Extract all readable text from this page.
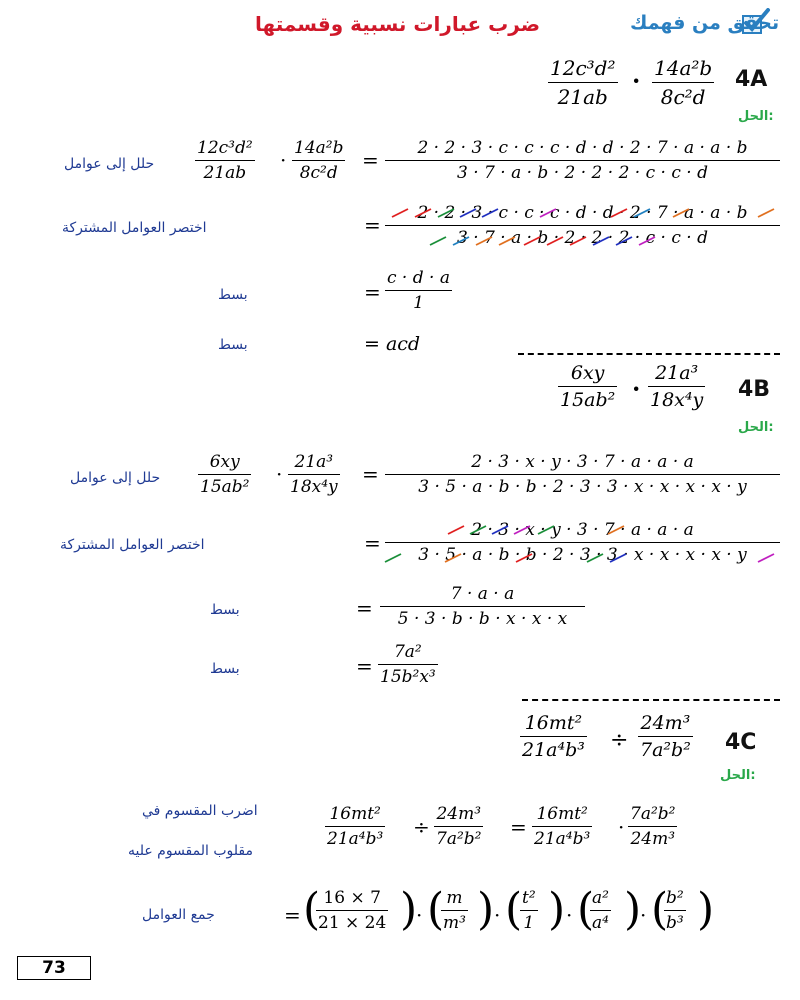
تحقق من فهمك
ضرب عبارات نسبية وقسمتها
4A
$\frac{\text{12c³d²}}{21ab} \cdot \frac{\text{14a²b}}{\text{8c²d}}$
الحل:
حلل إلى عوامل $\frac{\text{12c³d²}}{21ab} \cdot \frac{\text{14a²b}}{\text{8c²d}} = \frac{2 \cdot 2 \cdot 3 \cdot c \cdot c \cdot c \cdot d \cdot d \cdot 2 \cdot 7 \cdot a \cdot a \cdot b}{3 \cdot 7 \cdot a \cdot b \cdot 2 \cdot 2 \cdot 2 \cdot c \cdot c \cdot d}$
اختصر العوامل المشتركة	= $\frac{2 \cdot 2 \cdot 3 \cdot c \cdot c \cdot c \cdot d \cdot d \cdot 2 \cdot 7 \cdot a \cdot a \cdot b}{3 \cdot 7 \cdot a \cdot b \cdot 2 \cdot 2 \cdot 2 \cdot c \cdot c \cdot d}$
بسط	= $\frac{c \cdot d \cdot a}{1}$
بسط	= acd
4B
$\frac{6xy}{\text{15ab²}} \cdot \frac{\text{21a³}}{\text{18x⁴y}}$
الحل:
حلل إلى عوامل $\frac{6xy}{\text{15ab²}} \cdot \frac{\text{21a³}}{\text{18x⁴y}} = \frac{2 \cdot 3 \cdot x \cdot y \cdot 3 \cdot 7 \cdot a \cdot a \cdot a}{3 \cdot 5 \cdot a \cdot b \cdot b \cdot 2 \cdot 3 \cdot 3 \cdot x \cdot x \cdot x \cdot x \cdot y}$
اختصر العوامل المشتركة	= $\frac{2 \cdot 3 \cdot x \cdot y \cdot 3 \cdot 7 \cdot a \cdot a \cdot a}{3 \cdot 5 \cdot a \cdot b \cdot b \cdot 2 \cdot 3 \cdot 3 \cdot x \cdot x \cdot x \cdot x \cdot y}$
بسط	= $\frac{7 \cdot a \cdot a}{5 \cdot 3 \cdot b \cdot b \cdot x \cdot x \cdot x}$
بسط	= $\frac{\text{7a²}}{\text{15b²x³}}$
4C
$\frac{\text{16mt²}}{\text{21a⁴b³}} \div \frac{\text{24m³}}{\text{7a²b²}}$
الحل:
اضرب المقسوم في
مقلوب المقسوم عليه
$\frac{\text{16mt²}}{\text{21a⁴b³}} \div \frac{\text{24m³}}{\text{7a²b²}} = \frac{\text{16mt²}}{\text{21a⁴b³}} \cdot \frac{\text{7a²b²}}{\text{24m³}}$
جمع العوامل	= (
$\frac{16 \times 7}{21 \times 24}$ )
· (
$\frac{m}{\text{m³}}$ ) · (
$\frac{\text{t²}}{1}$ ) · (
$\frac{\text{a²}}{\text{a⁴}}$ )
· (
$\frac{\text{b²}}{\text{b³}}$ )
73
